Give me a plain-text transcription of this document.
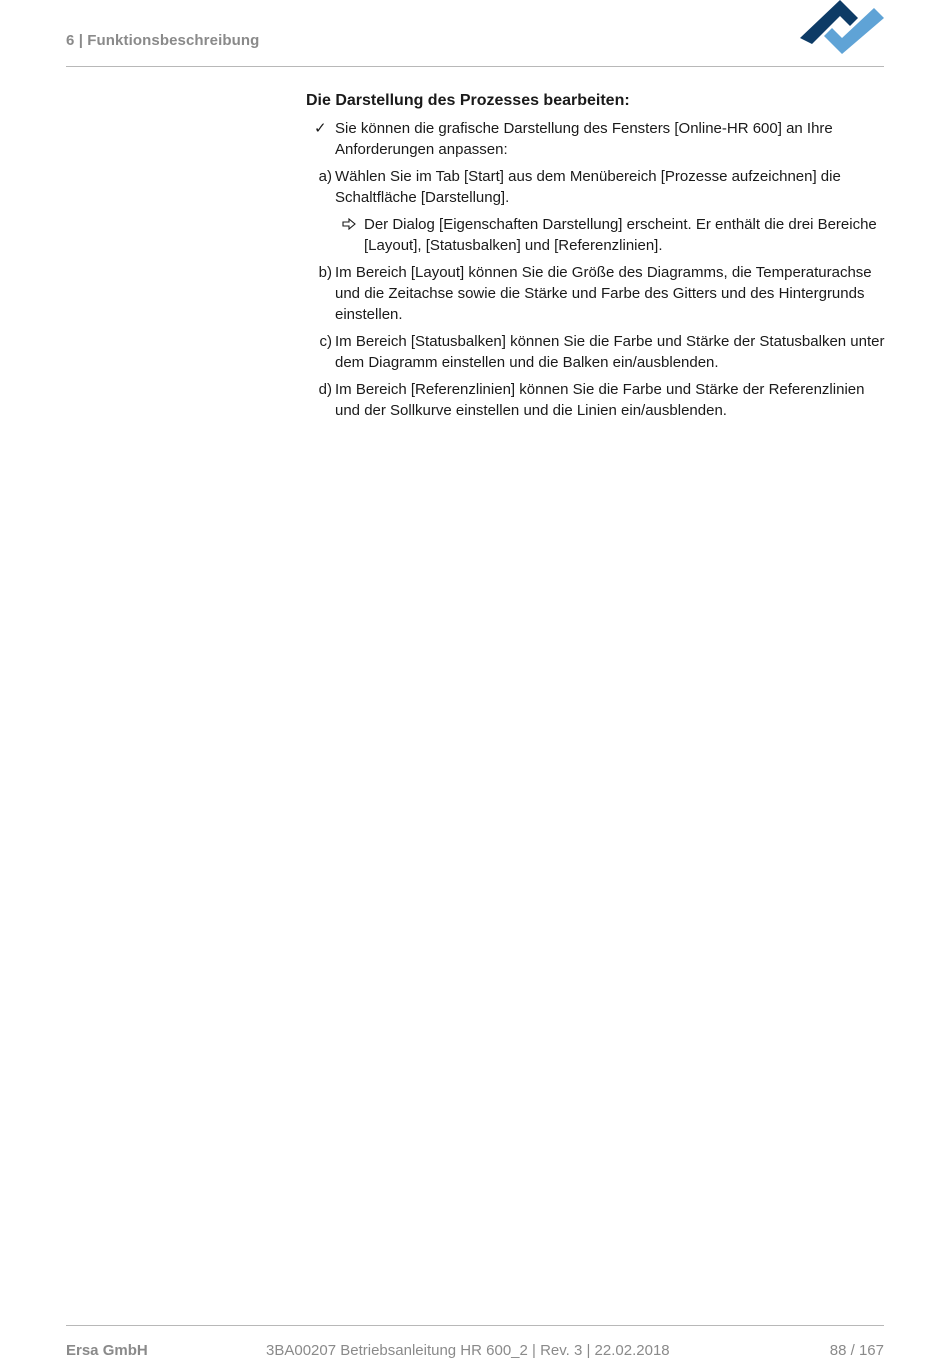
6 | Funktionsbeschreibung
Die Darstellung des Prozesses bearbeiten:
✓ Sie können die grafische Darstellung des Fensters [Online-HR 600] an Ihre Anforderungen anpassen:
a) Wählen Sie im Tab [Start] aus dem Menübereich [Prozesse aufzeichnen] die Schaltfläche [Darstellung].
Der Dialog [Eigenschaften Darstellung] erscheint. Er enthält die drei Bereiche [Layout], [Statusbalken] und [Referenzlinien].
b) Im Bereich [Layout] können Sie die Größe des Diagramms, die Temperaturachse und die Zeitachse sowie die Stärke und Farbe des Gitters und des Hintergrunds einstellen.
c) Im Bereich [Statusbalken] können Sie die Farbe und Stärke der Statusbalken unter dem Diagramm einstellen und die Balken ein/ausblenden.
d) Im Bereich [Referenzlinien] können Sie die Farbe und Stärke der Referenzlinien und der Sollkurve einstellen und die Linien ein/ausblenden.
Ersa GmbH	3BA00207 Betriebsanleitung HR 600_2 | Rev. 3 | 22.02.2018	88 / 167
